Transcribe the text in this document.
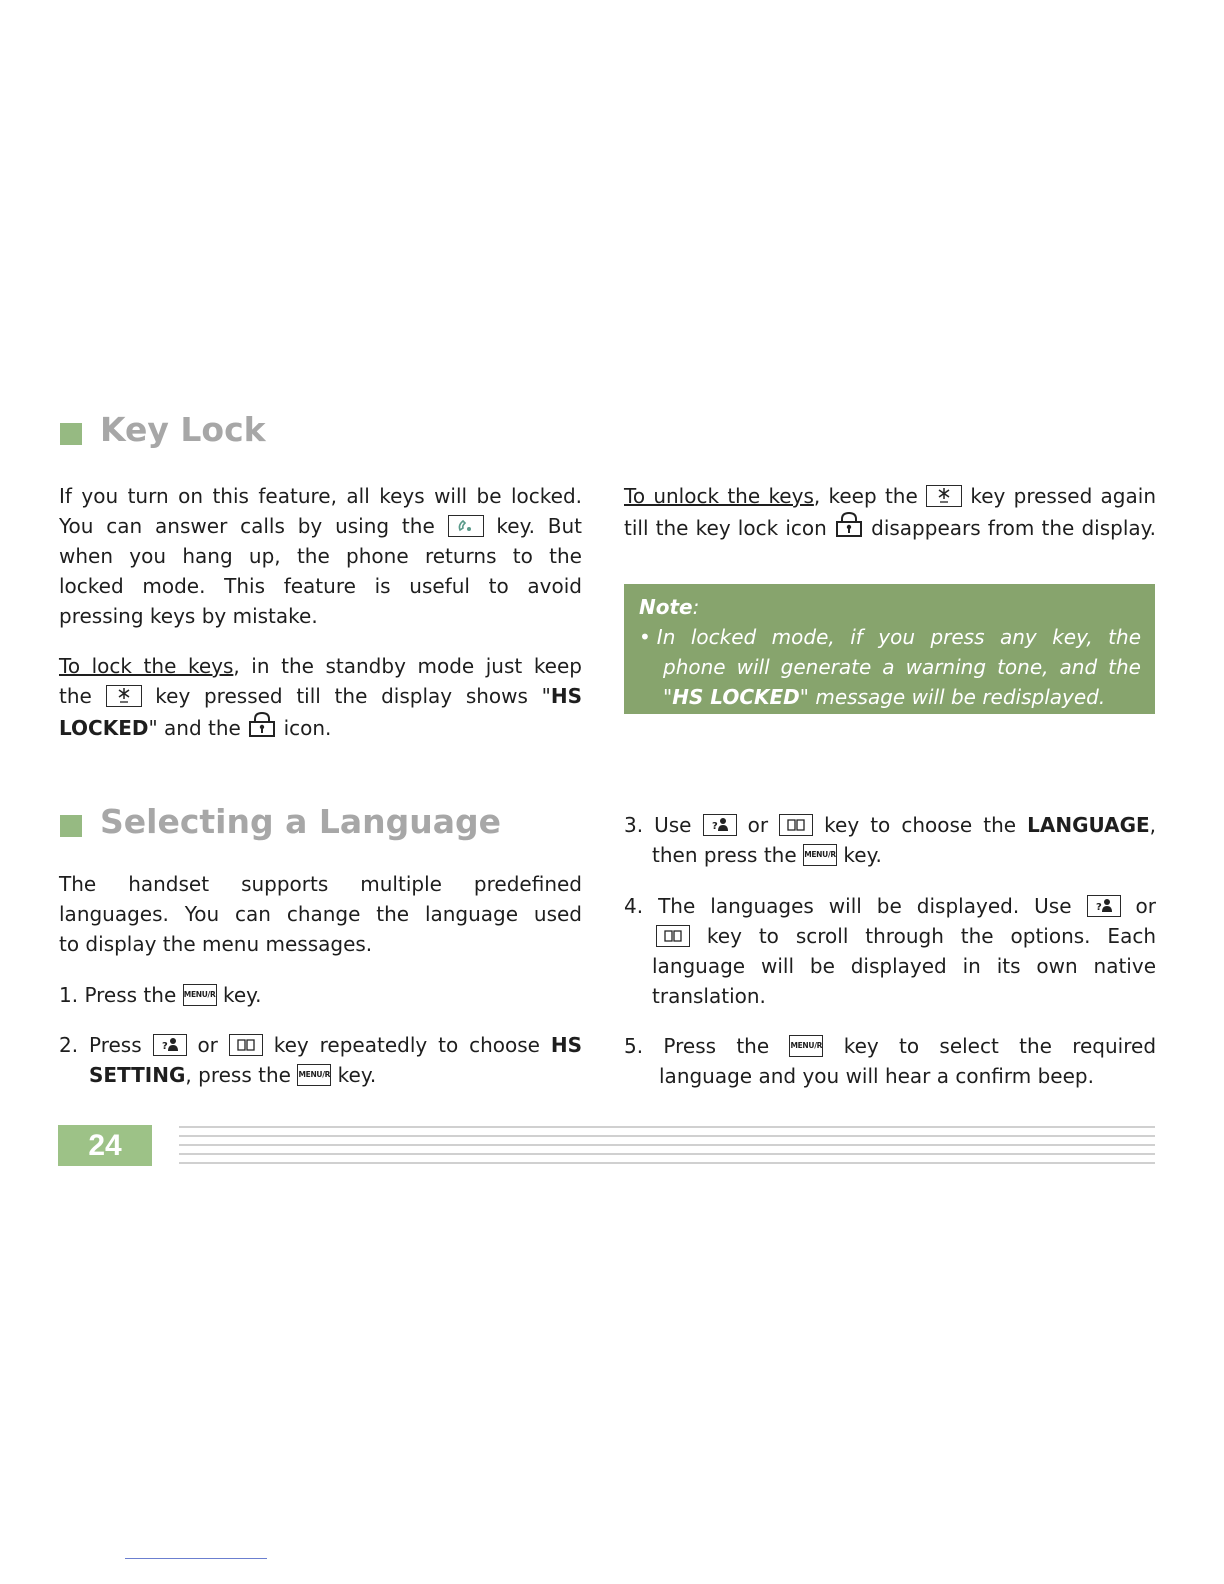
Key Lock
If you turn on this feature, all keys will be locked.
You can answer calls by using the	key. But
when you hang up, the phone returns to the
locked mode. This feature is useful to avoid
pressing keys by mistake.
To lock the keys, in the standby mode just keep
the	key pressed till the display shows "HS
LOCKED" and the icon.
To unlock the keys, keep the	key pressed again
till the key lock icon disappears from the display.
Note:
• In locked mode, if you press any key, the
phone will generate a warning tone, and the
"HS LOCKED" message will be redisplayed.
Selecting a Language
The handset supports multiple predefined
languages. You can change the language used
to display the menu messages.
1. Press the MENU/R key.
2. Press ? or	key repeatedly to choose HS
SETTING, press the MENU/R key.
3. Use ? or	key to choose the LANGUAGE,
then press the MENU/R key.
4. The languages will be displayed. Use ? or
key to scroll through the options. Each
language will be displayed in its own native
translation.
5. Press the	MENU/R key to select the required
language and you will hear a confirm beep.
24
